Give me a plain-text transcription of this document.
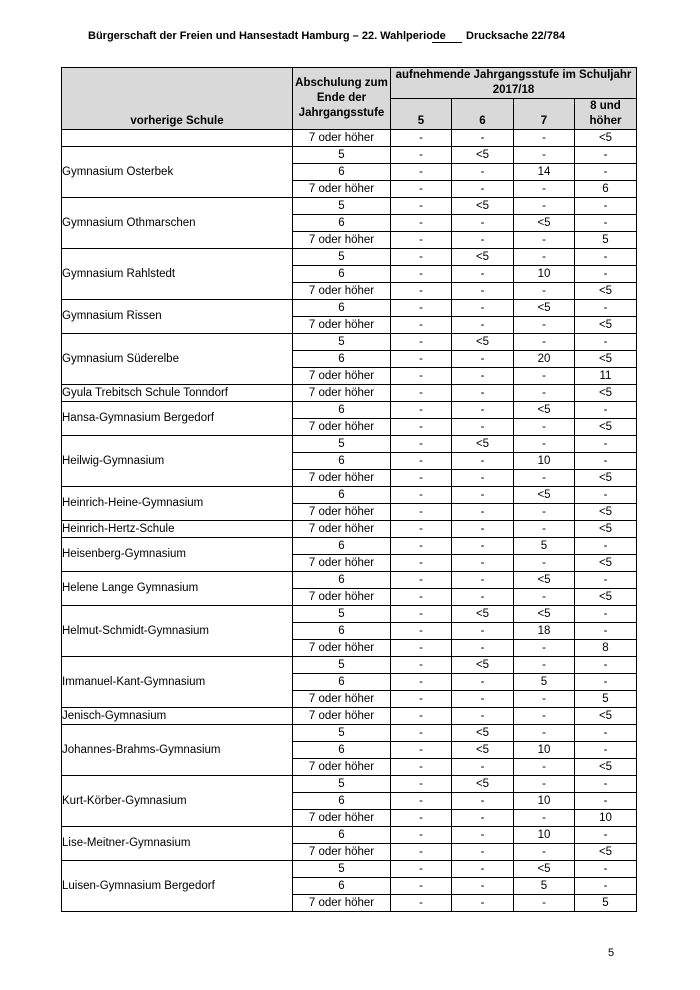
Bürgerschaft der Freien und Hansestadt Hamburg – 22. Wahlperiode Drucksache 22/784
vorherige Schule	Abschulung zum Ende der Jahrgangsstufe	aufnehmende Jahrgangsstufe im Schuljahr 2017/18			
		5	6	7	8 und höher
	7 oder höher	-	-	-	<5
Gymnasium Osterbek	5	-	<5	-	-
	6	-	-	14	-
	7 oder höher	-	-	-	6
Gymnasium Othmarschen	5	-	<5	-	-
	6	-	-	<5	-
	7 oder höher	-	-	-	5
Gymnasium Rahlstedt	5	-	<5	-	-
	6	-	-	10	-
	7 oder höher	-	-	-	<5
Gymnasium Rissen	6	-	-	<5	-
	7 oder höher	-	-	-	<5
Gymnasium Süderelbe	5	-	<5	-	-
	6	-	-	20	<5
	7 oder höher	-	-	-	11
Gyula Trebitsch Schule Tonndorf	7 oder höher	-	-	-	<5
Hansa-Gymnasium Bergedorf	6	-	-	<5	-
	7 oder höher	-	-	-	<5
Heilwig-Gymnasium	5	-	<5	-	-
	6	-	-	10	-
	7 oder höher	-	-	-	<5
Heinrich-Heine-Gymnasium	6	-	-	<5	-
	7 oder höher	-	-	-	<5
Heinrich-Hertz-Schule	7 oder höher	-	-	-	<5
Heisenberg-Gymnasium	6	-	-	5	-
	7 oder höher	-	-	-	<5
Helene Lange Gymnasium	6	-	-	<5	-
	7 oder höher	-	-	-	<5
Helmut-Schmidt-Gymnasium	5	-	<5	<5	-
	6	-	-	18	-
	7 oder höher	-	-	-	8
Immanuel-Kant-Gymnasium	5	-	<5	-	-
	6	-	-	5	-
	7 oder höher	-	-	-	5
Jenisch-Gymnasium	7 oder höher	-	-	-	<5
Johannes-Brahms-Gymnasium	5	-	<5	-	-
	6	-	<5	10	-
	7 oder höher	-	-	-	<5
Kurt-Körber-Gymnasium	5	-	<5	-	-
	6	-	-	10	-
	7 oder höher	-	-	-	10
Lise-Meitner-Gymnasium	6	-	-	10	-
	7 oder höher	-	-	-	<5
Luisen-Gymnasium Bergedorf	5	-	-	<5	-
	6	-	-	5	-
	7 oder höher	-	-	-	5
5
